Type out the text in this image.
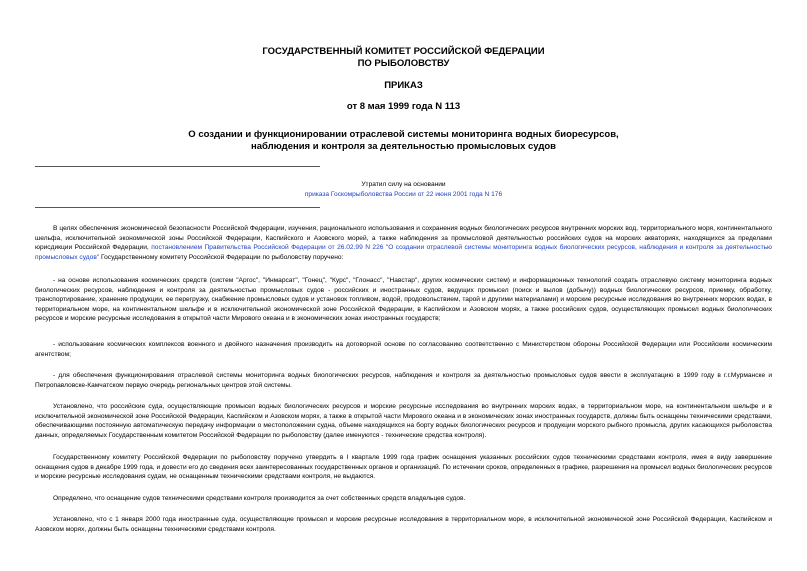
ГОСУДАРСТВЕННЫЙ КОМИТЕТ РОССИЙСКОЙ ФЕДЕРАЦИИ
ПО РЫБОЛОВСТВУ
ПРИКАЗ
от 8 мая 1999 года N 113
О создании и функционировании отраслевой системы мониторинга водных биоресурсов,
наблюдения и контроля за деятельностью промысловых судов
Утратил силу на основании
приказа Госкомрыболовства России от 22 июня 2001 года N 176
В целях обеспечения экономической безопасности Российской Федерации, изучения, рационального использования и сохранения водных биологических ресурсов внутренних морских вод, территориального моря, континентального шельфа, исключительной экономической зоны Российской Федерации, Каспийского и Азовского морей, а также наблюдения за промысловой деятельностью российских судов на морских акваториях, находящихся за пределами юрисдикции Российской Федерации, постановлением Правительства Российской Федерации от 26.02.99 N 226 "О создании отраслевой системы мониторинга водных биологических ресурсов, наблюдения и контроля за деятельностью промысловых судов" Государственному комитету Российской Федерации по рыболовству поручено:
- на основе использования космических средств (систем "Аргос", "Инмарсат", "Гонец", "Курс", "Глонасс", "Навстар", других космических систем) и информационных технологий создать отраслевую систему мониторинга водных биологических ресурсов, наблюдения и контроля за деятельностью промысловых судов - российских и иностранных судов, ведущих промысел (поиск и вылов (добычу)) водных биологических ресурсов, приемку, обработку, транспортирование, хранение продукции, ее перегрузку, снабжение промысловых судов и установок топливом, водой, продовольствием, тарой и другими материалами) и морские ресурсные исследования во внутренних морских водах, в территориальном море, на континентальном шельфе и в исключительной экономической зоне Российской Федерации, в Каспийском и Азовском морях, а также российских судов, осуществляющих промысел водных биологических ресурсов и морские ресурсные исследования в открытой части Мирового океана и в экономических зонах иностранных государств;
- использование космических комплексов военного и двойного назначения производить на договорной основе по согласованию соответственно с Министерством обороны Российской Федерации или Российским космическим агентством;
- для обеспечения функционирования отраслевой системы мониторинга водных биологических ресурсов, наблюдения и контроля за деятельностью промысловых судов ввести в эксплуатацию в 1999 году в г.г.Мурманске и Петропавловске-Камчатском первую очередь региональных центров этой системы.
Установлено, что российские суда, осуществляющие промысел водных биологических ресурсов и морские ресурсные исследования во внутренних морских водах, в территориальном море, на континентальном шельфе и в исключительной экономической зоне Российской Федерации, Каспийском и Азовском морях, а также в открытой части Мирового океана и в экономических зонах иностранных государств, должны быть оснащены техническими средствами, обеспечивающими постоянную автоматическую передачу информации о местоположении судна, объеме находящихся на борту водных биологических ресурсов и продукции морского рыбного промысла, других касающихся рыболовства данных, определяемых Государственным комитетом Российской Федерации по рыболовству (далее именуются - технические средства контроля).
Государственному комитету Российской Федерации по рыболовству поручено утвердить в I квартале 1999 года график оснащения указанных российских судов техническими средствами контроля, имея в виду завершение оснащения судов в декабре 1999 года, и довести его до сведения всех заинтересованных государственных органов и организаций. По истечении сроков, определенных в графике, разрешения на промысел водных биологических ресурсов и морские ресурсные исследования судам, не оснащенным техническими средствами контроля, не выдаются.
Определено, что оснащение судов техническими средствами контроля производится за счет собственных средств владельцев судов.
Установлено, что с 1 января 2000 года иностранные суда, осуществляющие промысел и морские ресурсные исследования в территориальном море, в исключительной экономической зоне Российской Федерации, Каспийском и Азовском морях, должны быть оснащены техническими средствами контроля.
